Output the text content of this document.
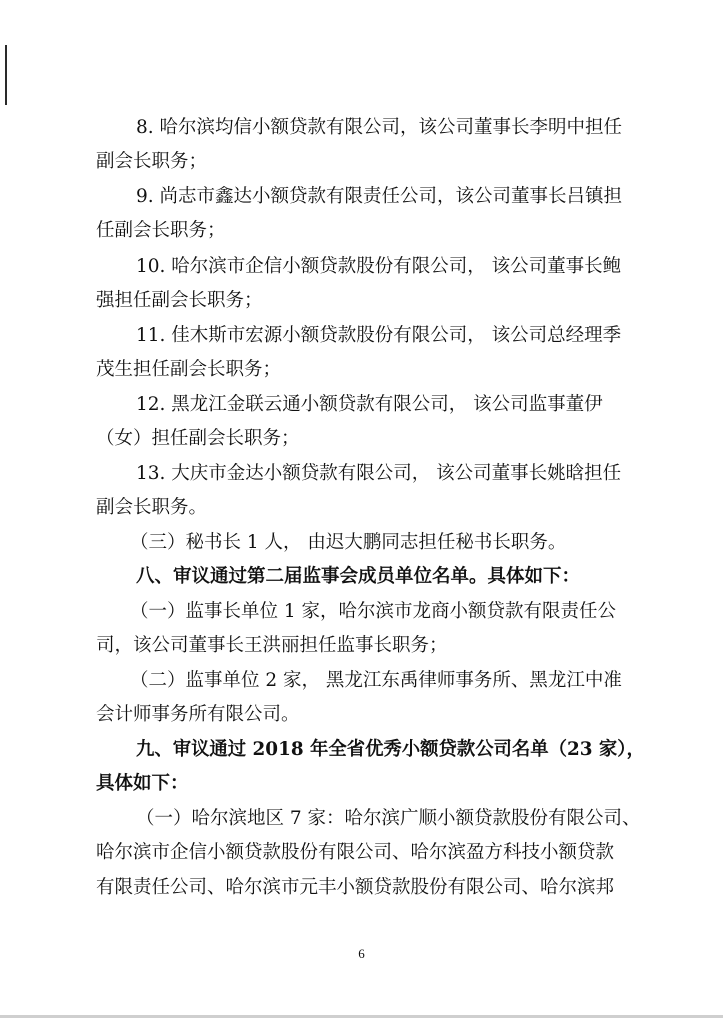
8. 哈尔滨均信小额贷款有限公司，该公司董事长李明中担任
副会长职务；
9. 尚志市鑫达小额贷款有限责任公司，该公司董事长吕镇担
任副会长职务；
10. 哈尔滨市企信小额贷款股份有限公司， 该公司董事长鲍
强担任副会长职务；
11. 佳木斯市宏源小额贷款股份有限公司， 该公司总经理季
茂生担任副会长职务；
12. 黑龙江金联云通小额贷款有限公司， 该公司监事董伊
（女）担任副会长职务；
13. 大庆市金达小额贷款有限公司， 该公司董事长姚晗担任
副会长职务。
（三）秘书长 1 人， 由迟大鹏同志担任秘书长职务。
八、审议通过第二届监事会成员单位名单。具体如下：
（一）监事长单位 1 家，哈尔滨市龙商小额贷款有限责任公
司，该公司董事长王洪丽担任监事长职务；
（二）监事单位 2 家， 黑龙江东禹律师事务所、黑龙江中准
会计师事务所有限公司。
九、审议通过 2018 年全省优秀小额贷款公司名单（23 家），
具体如下：
（一）哈尔滨地区 7 家：哈尔滨广顺小额贷款股份有限公司、
哈尔滨市企信小额贷款股份有限公司、哈尔滨盈方科技小额贷款
有限责任公司、哈尔滨市元丰小额贷款股份有限公司、哈尔滨邦
6
